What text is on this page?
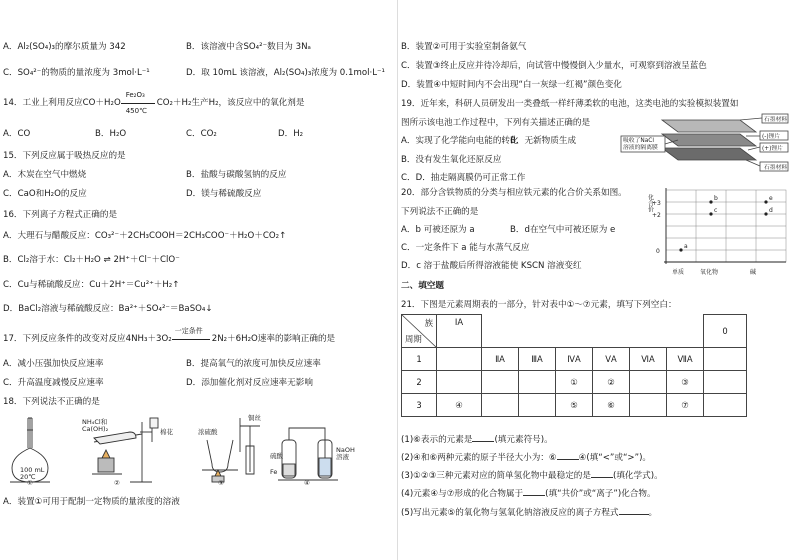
A．Al₂(SO₄)₃的摩尔质量为 342	B．该溶液中含SO₄²⁻数目为 3Nₐ
C．SO₄²⁻的物质的量浓度为 3mol·L⁻¹	D．取 10mL 该溶液，Al₂(SO₄)₃浓度为 0.1mol·L⁻¹
14．工业上利用反应$CO+H_2O \frac{\text{Fe₂O₃}}{450℃} CO_2+H_2$生产H₂，该反应中的氧化剂是
A．CO	B．H₂O	C．CO₂	D．H₂
15．下列反应属于吸热反应的是
A．木炭在空气中燃烧	B．盐酸与碳酸氢钠的反应
C．CaO和H₂O的反应	D．镁与稀硫酸反应
16．下列离子方程式正确的是
A．大理石与醋酸反应：CO₃²⁻＋2CH₃COOH＝2CH₃COO⁻＋H₂O＋CO₂↑
B．Cl₂溶于水：Cl₂＋H₂O ⇌ 2H⁺＋Cl⁻＋ClO⁻
C．Cu与稀硫酸反应：Cu＋2H⁺＝Cu²⁺＋H₂↑
D．BaCl₂溶液与稀硫酸反应：Ba²⁺＋SO₄²⁻＝BaSO₄↓
17．下列反应条件的改变对反应4NH₃＋3O₂
一定条件
2N₂＋6H₂O速率的影响正确的是
A．减小压强加快反应速率	B．提高氧气的浓度可加快反应速率
C．升高温度减慢反应速率	D．添加催化剂对反应速率无影响
18．下列说法不正确的是
100 mL 20℃
NH₄Cl和 Ca(OH)₂	棉花	浓硫酸
铜丝
硫酸
Fe
NaOH 溶液
①	②	③	④
A．装置①可用于配制一定物质的量浓度的溶液
B．装置②可用于实验室制备氨气
C．装置③终止反应并待冷却后，向试管中慢慢倒入少量水，可观察到溶液呈蓝色
D．装置④中短时间内不会出现“白一灰绿一红褐”颜色变化
19．近年来，科研人员研发出一类叠纸一样纤薄柔软的电池，这类电池的实验模拟装置如
图所示该电池工作过程中，下列有关描述正确的是
A．实现了化学能向电能的转化
B．无新物质生成
B．没有发生氧化还原反应
C．D．抽走隔离膜仍可正常工作
吸收了NaCl 溶液的隔离膜
石墨材料
(-)锂片
(+)锂片
石墨材料
20．部分含铁物质的分类与相应铁元素的化合价关系如图。
下列说法不正确的是
A．b 可被还原为 a	B．d在空气中可被还原为 e
C．一定条件下 a 能与水蒸气反应
D．c 溶于盐酸后所得溶液能使 KSCN 溶液变红
化合价
+3
+2
0
单质	氧化物	碱
b
c
a
d
e
二、填空题
21．下图是元素周期表的一部分，针对表中①～⑦元素，填写下列空白：
族
周期	ⅠA							0
1		ⅡA	ⅢA	ⅣA	ⅤA	ⅥA	ⅦA	
2				①	②		③	
3	④			⑤	⑥		⑦	
(1)⑥表示的元素是	(填元素符号)。
(2)④和⑥两种元素的原子半径大小为：⑥	④(填“<”或“>”)。
(3)①②③三种元素对应的简单氢化物中最稳定的是	(填化学式)。
(4)元素④与⑦形成的化合物属于	(填“共价”或“离子”)化合物。
(5)写出元素⑤的氧化物与氢氧化钠溶液反应的离子方程式	。
